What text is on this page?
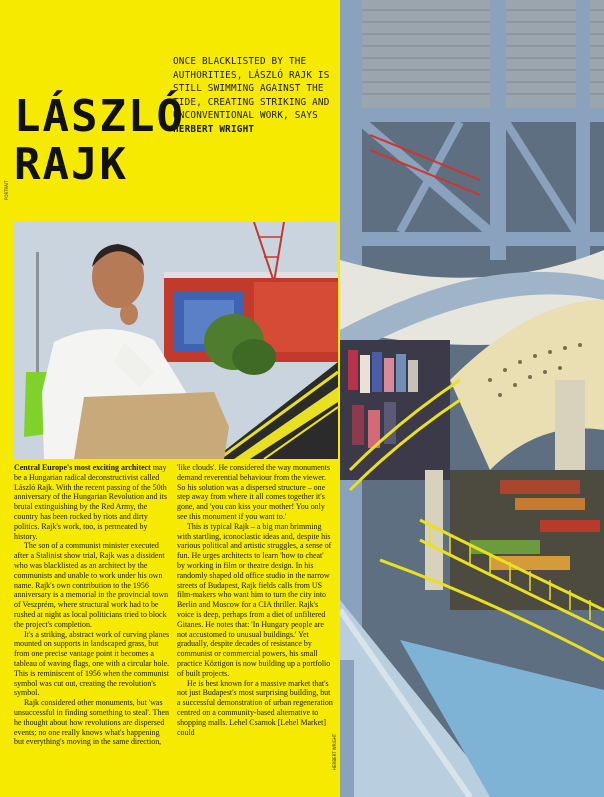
LÁSZLÓ
RAJK
ONCE BLACKLISTED BY THE AUTHORITIES, LÁSZLÓ RAJK IS STILL SWIMMING AGAINST THE TIDE, CREATING STRIKING AND UNCONVENTIONAL WORK, SAYS HERBERT WRIGHT
PORTRAIT

Central Europe's most exciting architect may be a Hungarian radical deconstructivist called László Rajk. With the recent passing of the 50th anniversary of the Hungarian Revolution and its brutal extinguishing by the Red Army, the country has been rocked by riots and dirty politics. Rajk's work, too, is permeated by history.

The son of a communist minister executed after a Stalinist show trial, Rajk was a dissident who was blacklisted as an architect by the communists and unable to work under his own name. Rajk's own contribution to the 1956 anniversary is a memorial in the provincial town of Veszprém, where structural work had to be rushed at night as local politicians tried to block the project's completion.

It's a striking, abstract work of curving planes mounted on supports in landscaped grass, but from one precise vantage point it becomes a tableau of waving flags, one with a circular hole. This is reminiscent of 1956 when the communist symbol was cut out, creating the revolution's symbol.

Rajk considered other monuments, but 'was unsuccessful in finding something to steal'. Then he thought about how revolutions are dispersed events; no one really knows what's happening but everything's moving in the same direction,

'like clouds'. He considered the way monuments demand reverential behaviour from the viewer. So his solution was a dispersed structure – one step away from where it all comes together it's gone, and 'you can kiss your mother! You only see this monument if you want to.'

This is typical Rajk – a big man brimming with startling, iconoclastic ideas and, despite his various political and artistic struggles, a sense of fun. He urges architects to learn 'how to cheat' by working in film or theatre design. In his randomly shaped old office studio in the narrow streets of Budapest, Rajk fields calls from US film-makers who want him to turn the city into Berlin and Moscow for a CIA thriller. Rajk's voice is deep, perhaps from a diet of unfiltered Gitanes. He notes that: 'In Hungary people are not accustomed to unusual buildings.' Yet gradually, despite decades of resistance by communist or commercial powers, his small practice Köztigon is now building up a portfolio of built projects.

He is best known for a massive market that's not just Budapest's most surprising building, but a successful demonstration of urban regeneration centred on a community-based alternative to shopping malls. Lehel Csarnok [Lehel Market] could

HERBERT WRIGHT
